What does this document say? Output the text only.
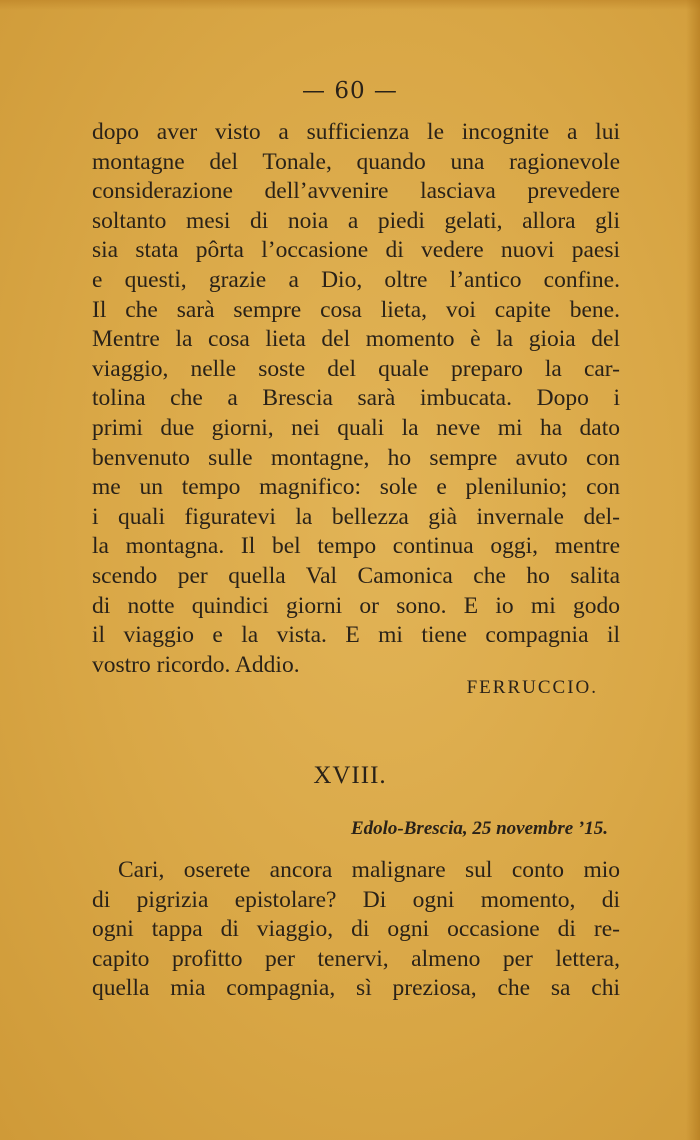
— 60 —
dopo aver visto a sufficienza le incognite a lui
montagne del Tonale, quando una ragionevole
considerazione dell’avvenire lasciava prevedere
soltanto mesi di noia a piedi gelati, allora gli
sia stata pôrta l’occasione di vedere nuovi paesi
e questi, grazie a Dio, oltre l’antico confine.
Il che sarà sempre cosa lieta, voi capite bene.
Mentre la cosa lieta del momento è la gioia del
viaggio, nelle soste del quale preparo la car-
tolina che a Brescia sarà imbucata. Dopo i
primi due giorni, nei quali la neve mi ha dato
benvenuto sulle montagne, ho sempre avuto con
me un tempo magnifico: sole e plenilunio; con
i quali figuratevi la bellezza già invernale del-
la montagna. Il bel tempo continua oggi, mentre
scendo per quella Val Camonica che ho salita
di notte quindici giorni or sono. E io mi godo
il viaggio e la vista. E mi tiene compagnia il
vostro ricordo. Addio.
FERRUCCIO.
XVIII.
Edolo-Brescia, 25 novembre ’15.
Cari, oserete ancora malignare sul conto mio
di pigrizia epistolare? Di ogni momento, di
ogni tappa di viaggio, di ogni occasione di re-
capito profitto per tenervi, almeno per lettera,
quella mia compagnia, sì preziosa, che sa chi
